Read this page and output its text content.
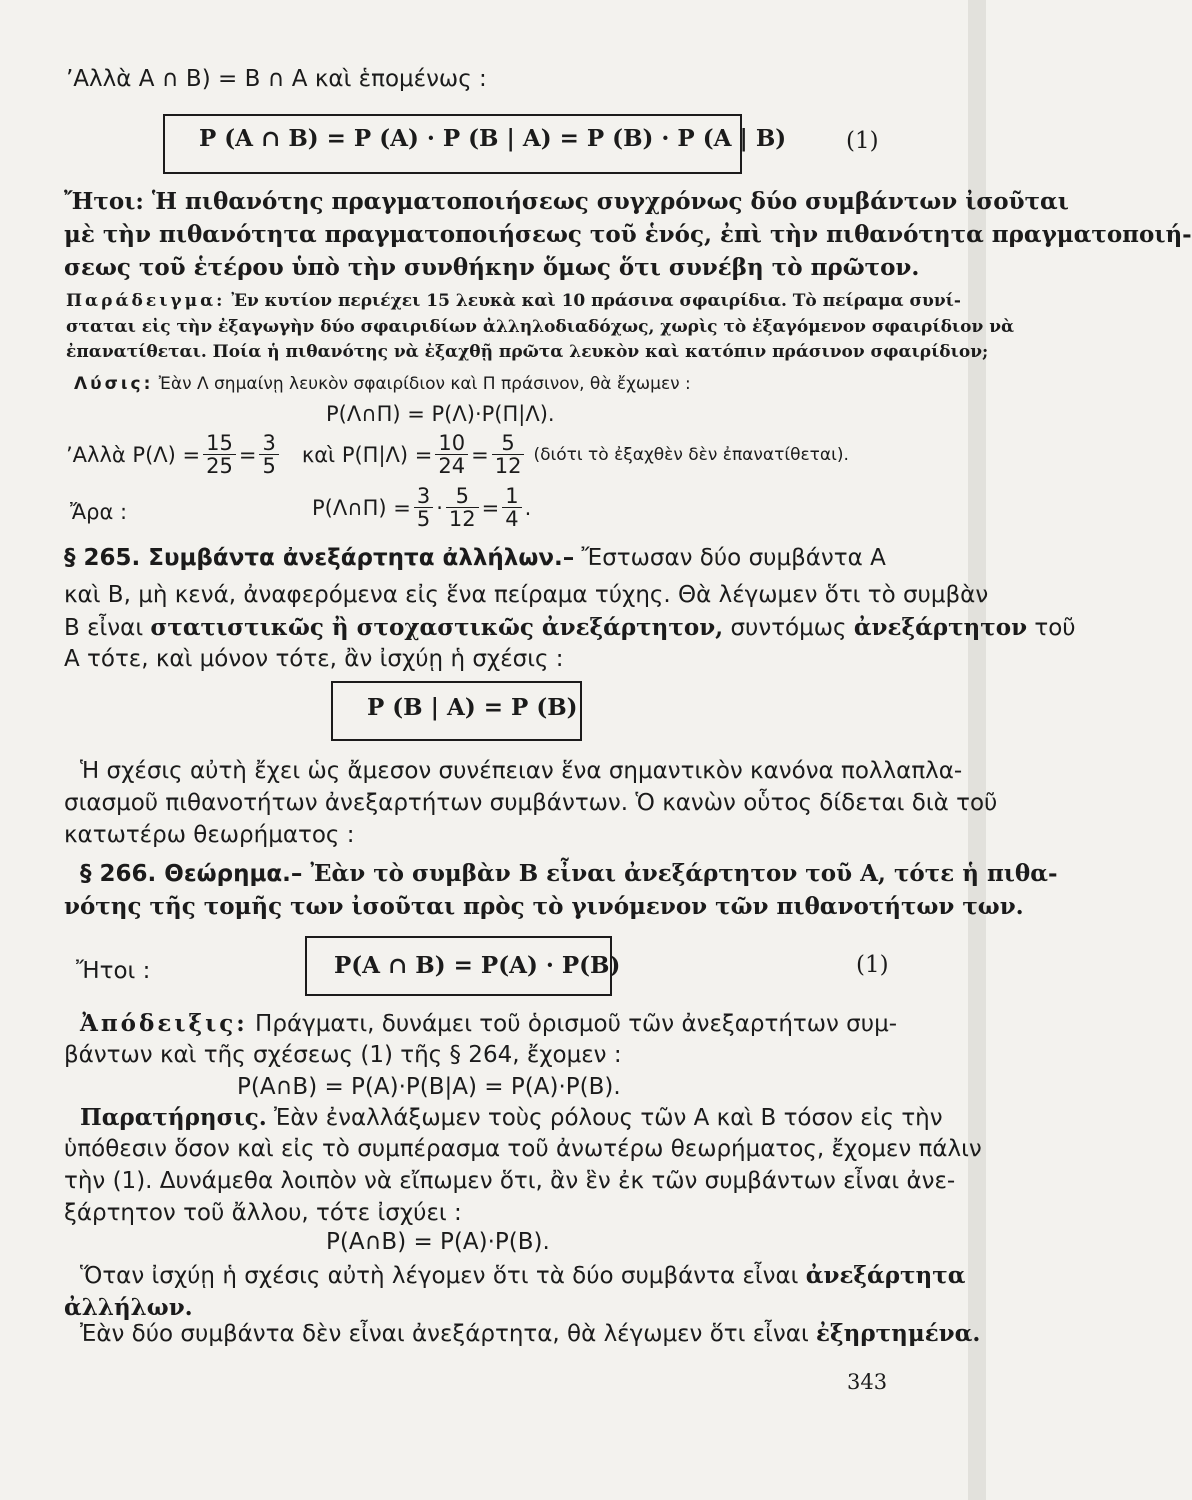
’Αλλὰ A ∩ B) = B ∩ A καὶ ἑπομένως :
P (A ∩ B) = P (A) · P (B | A) = P (B) · P (A | B)	(1)
Ἤτοι: Ἡ πιθανότης πραγματοποιήσεως συγχρόνως δύο συμβάντων ἰσοῦται
μὲ τὴν πιθανότητα πραγματοποιήσεως τοῦ ἑνός, ἐπὶ τὴν πιθανότητα πραγματοποιή-
σεως τοῦ ἑτέρου ὑπὸ τὴν συνθήκην ὅμως ὅτι συνέβη τὸ πρῶτον.
Παράδειγμα: Ἐν κυτίον περιέχει 15 λευκὰ καὶ 10 πράσινα σφαιρίδια. Τὸ πείραμα συνί-
σταται εἰς τὴν ἐξαγωγὴν δύο σφαιριδίων ἀλληλοδιαδόχως, χωρὶς τὸ ἐξαγόμενον σφαιρίδιον νὰ
ἐπανατίθεται. Ποία ἡ πιθανότης νὰ ἐξαχθῇ πρῶτα λευκὸν καὶ κατόπιν πράσινον σφαιρίδιον;
Λύσις: Ἐὰν Λ σημαίνῃ λευκὸν σφαιρίδιον καὶ Π πράσινον, θὰ ἔχωμεν :
P(Λ∩Π) = P(Λ)·P(Π|Λ).
’Αλλὰ $P(\Lambda) = \frac{15}{25} = \frac{3}{5}$ καὶ $P(\Pi|\Lambda) = \frac{10}{24} = \frac{5}{12} (\delta\iota ό\tau\iota$ τὸ ἐξαχθὲν δὲν ἐπανατίθεται).
Ἄρα :	P(Λ∩Π) = $\frac{3}{5} \cdot \frac{5}{12} = \frac{1}{4}$ .
§ 265. Συμβάντα ἀνεξάρτητα ἀλλήλων.– Ἔστωσαν δύο συμβάντα A
καὶ B, μὴ κενά, ἀναφερόμενα εἰς ἕνα πείραμα τύχης. Θὰ λέγωμεν ὅτι τὸ συμβὰν
B εἶναι στατιστικῶς ἢ στοχαστικῶς ἀνεξάρτητον, συντόμως ἀνεξάρτητον τοῦ
A τότε, καὶ μόνον τότε, ἂν ἰσχύῃ ἡ σχέσις :
P (B | A) = P (B)
Ἡ σχέσις αὐτὴ ἔχει ὡς ἄμεσον συνέπειαν ἕνα σημαντικὸν κανόνα πολλαπλα-
σιασμοῦ πιθανοτήτων ἀνεξαρτήτων συμβάντων. Ὁ κανὼν οὗτος δίδεται διὰ τοῦ
κατωτέρω θεωρήματος :
§ 266. Θεώρημα.– Ἐὰν τὸ συμβὰν B εἶναι ἀνεξάρτητον τοῦ A, τότε ἡ πιθα-
νότης τῆς τομῆς των ἰσοῦται πρὸς τὸ γινόμενον τῶν πιθανοτήτων των.
Ἤτοι :	P(A ∩ B) = P(A) · P(B)	(1)
Ἀπόδειξις: Πράγματι, δυνάμει τοῦ ὁρισμοῦ τῶν ἀνεξαρτήτων συμ-
βάντων καὶ τῆς σχέσεως (1) τῆς § 264, ἔχομεν :
P(A∩B) = P(A)·P(B|A) = P(A)·P(B).
Παρατήρησις. Ἐὰν ἐναλλάξωμεν τοὺς ρόλους τῶν A καὶ B τόσον εἰς τὴν
ὑπόθεσιν ὅσον καὶ εἰς τὸ συμπέρασμα τοῦ ἀνωτέρω θεωρήματος, ἔχομεν πάλιν
τὴν (1). Δυνάμεθα λοιπὸν νὰ εἴπωμεν ὅτι, ἂν ἓν ἐκ τῶν συμβάντων εἶναι ἀνε-
ξάρτητον τοῦ ἄλλου, τότε ἰσχύει :
P(A∩B) = P(A)·P(B).
Ὅταν ἰσχύῃ ἡ σχέσις αὐτὴ λέγομεν ὅτι τὰ δύο συμβάντα εἶναι ἀνεξάρτητα
ἀλλήλων.
Ἐὰν δύο συμβάντα δὲν εἶναι ἀνεξάρτητα, θὰ λέγωμεν ὅτι εἶναι ἐξηρτημένα.
343
